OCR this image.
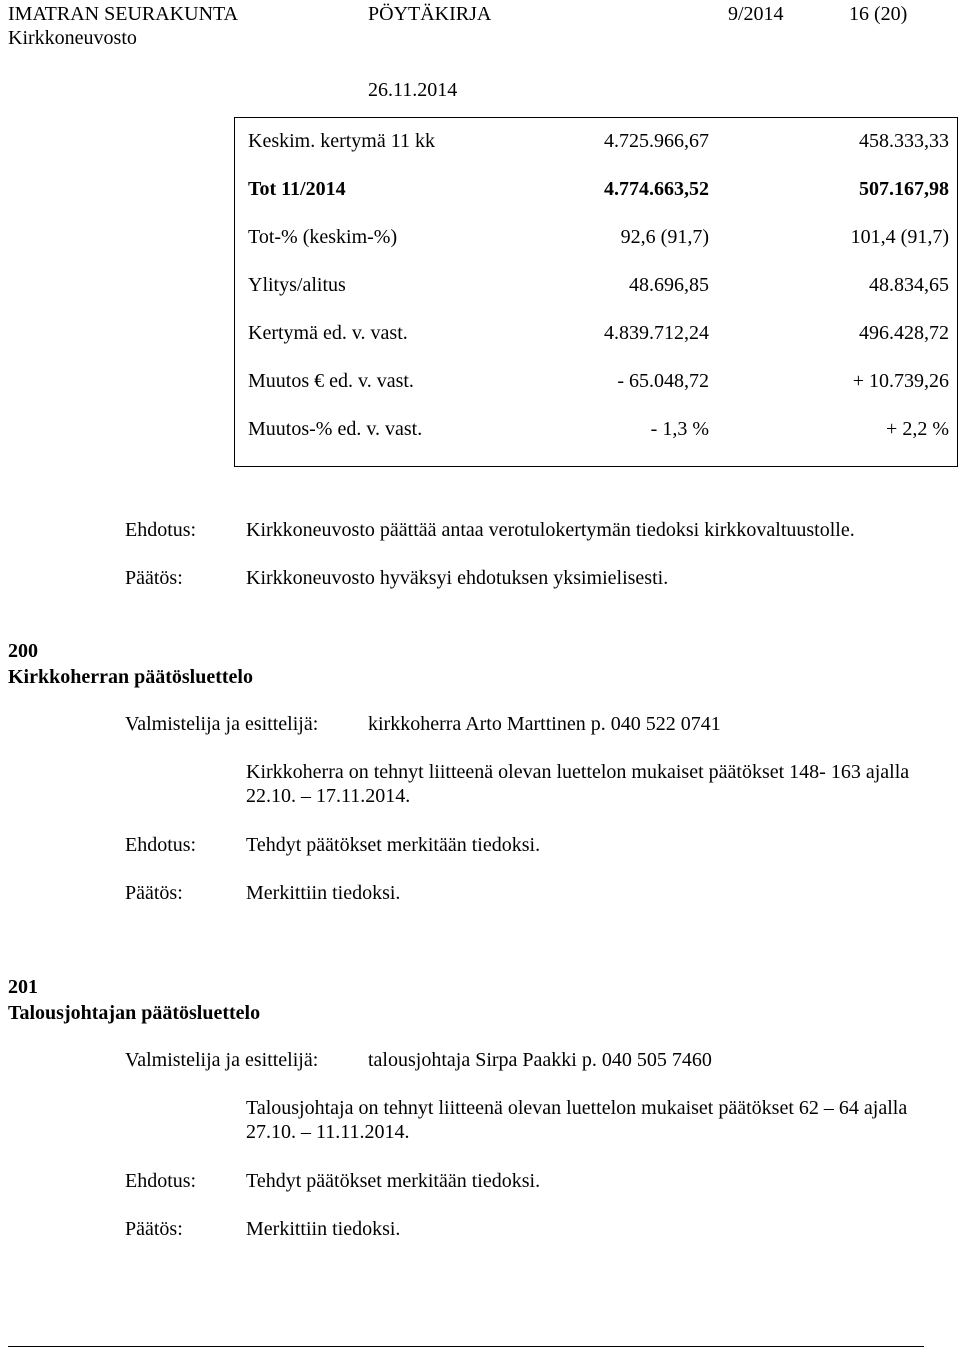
IMATRAN SEURAKUNTA	PÖYTÄKIRJA	9/2014	16 (20)
Kirkkoneuvosto
26.11.2014
Keskim. kertymä 11 kk	4.725.966,67	458.333,33
Tot 11/2014	4.774.663,52	507.167,98
Tot-% (keskim-%)	92,6 (91,7)	101,4 (91,7)
Ylitys/alitus	48.696,85	48.834,65
Kertymä ed. v. vast.	4.839.712,24	496.428,72
Muutos € ed. v. vast.	- 65.048,72	+ 10.739,26
Muutos-% ed. v. vast.	- 1,3 %	+ 2,2 %
Ehdotus: Kirkkoneuvosto päättää antaa verotulokertymän tiedoksi kirkkovaltuustolle.
Päätös:	Kirkkoneuvosto hyväksyi ehdotuksen yksimielisesti.
200
Kirkkoherran päätösluettelo
Valmistelija ja esittelijä: kirkkoherra Arto Marttinen p. 040 522 0741
Kirkkoherra on tehnyt liitteenä olevan luettelon mukaiset päätökset 148- 163 ajalla 22.10. – 17.11.2014.
Ehdotus: Tehdyt päätökset merkitään tiedoksi.
Päätös:	Merkittiin tiedoksi.
201
Talousjohtajan päätösluettelo
Valmistelija ja esittelijä: talousjohtaja Sirpa Paakki p. 040 505 7460
Talousjohtaja on tehnyt liitteenä olevan luettelon mukaiset päätökset 62 – 64 ajalla 27.10. – 11.11.2014.
Ehdotus: Tehdyt päätökset merkitään tiedoksi.
Päätös:	Merkittiin tiedoksi.
